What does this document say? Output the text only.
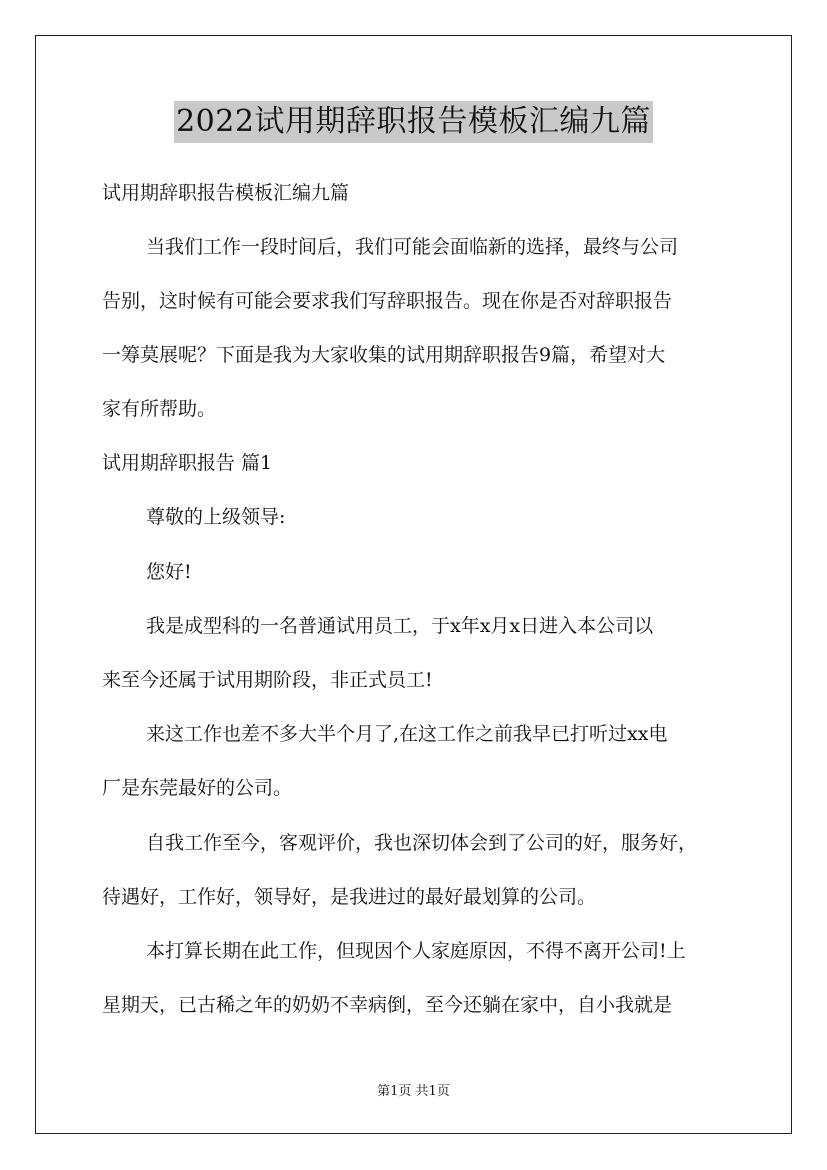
2022试用期辞职报告模板汇编九篇
试用期辞职报告模板汇编九篇
当我们工作一段时间后，我们可能会面临新的选择，最终与公司
告别，这时候有可能会要求我们写辞职报告。现在你是否对辞职报告
一筹莫展呢？下面是我为大家收集的试用期辞职报告9篇，希望对大
家有所帮助。
试用期辞职报告 篇1
尊敬的上级领导:
您好!
我是成型科的一名普通试用员工，于x年x月x日进入本公司以
来至今还属于试用期阶段，非正式员工!
来这工作也差不多大半个月了,在这工作之前我早已打听过xx电
厂是东莞最好的公司。
自我工作至今，客观评价，我也深切体会到了公司的好，服务好，
待遇好，工作好，领导好，是我进过的最好最划算的公司。
本打算长期在此工作，但现因个人家庭原因，不得不离开公司!上
星期天，已古稀之年的奶奶不幸病倒，至今还躺在家中，自小我就是
第1页 共1页
